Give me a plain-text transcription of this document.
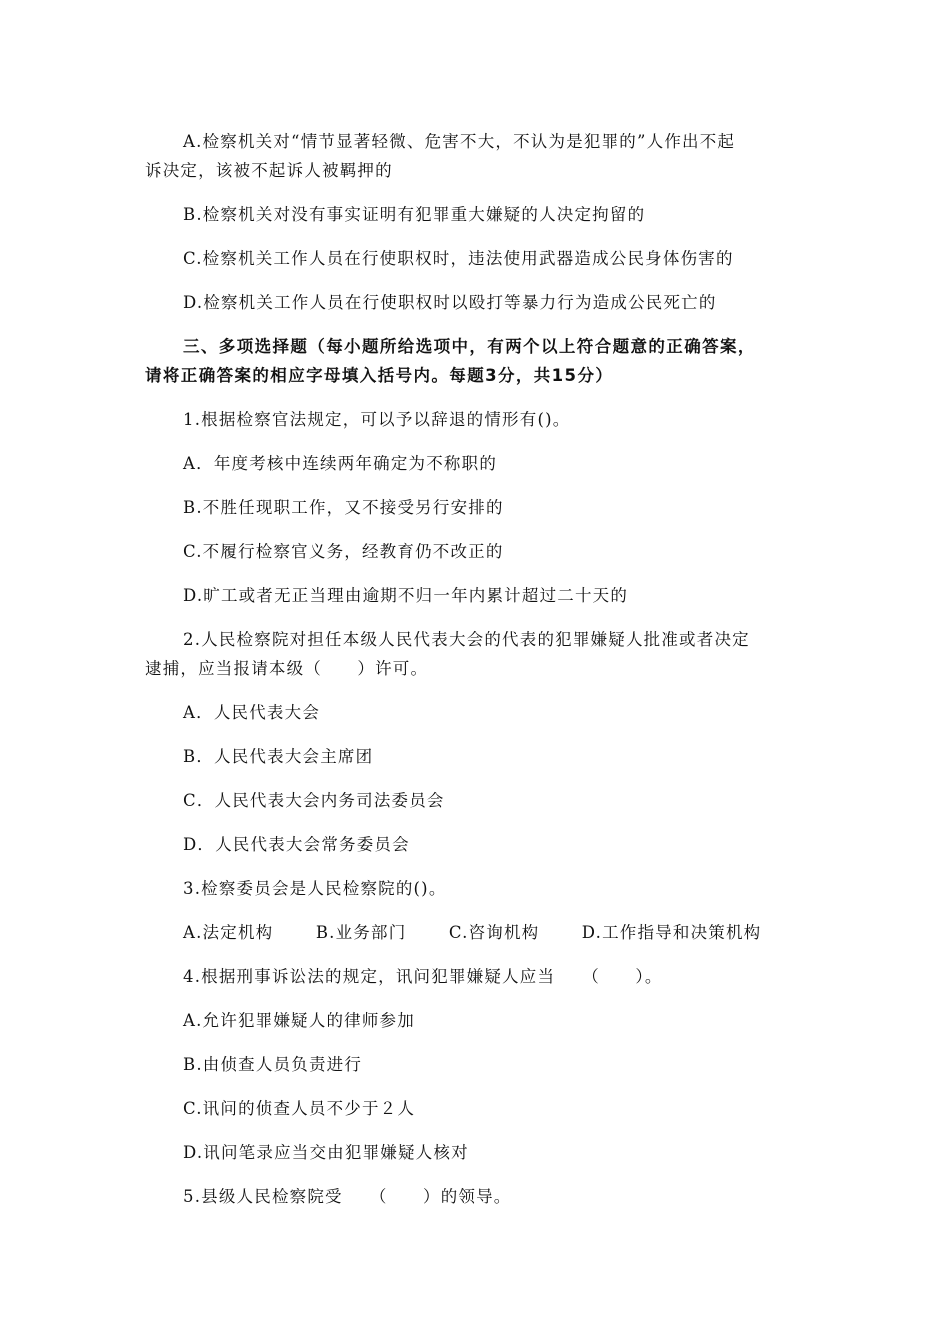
A.检察机关对“情节显著轻微、危害不大，不认为是犯罪的”人作出不起
诉决定，该被不起诉人被羁押的
B.检察机关对没有事实证明有犯罪重大嫌疑的人决定拘留的
C.检察机关工作人员在行使职权时，违法使用武器造成公民身体伤害的
D.检察机关工作人员在行使职权时以殴打等暴力行为造成公民死亡的
三、多项选择题（每小题所给选项中，有两个以上符合题意的正确答案，
请将正确答案的相应字母填入括号内。每题3分，共15分）
1.根据检察官法规定，可以予以辞退的情形有()。
A．年度考核中连续两年确定为不称职的
B.不胜任现职工作，又不接受另行安排的
C.不履行检察官义务，经教育仍不改正的
D.旷工或者无正当理由逾期不归一年内累计超过二十天的
2.人民检察院对担任本级人民代表大会的代表的犯罪嫌疑人批准或者决定
逮捕，应当报请本级（　　）许可。
A．人民代表大会
B．人民代表大会主席团
C．人民代表大会内务司法委员会
D．人民代表大会常务委员会
3.检察委员会是人民检察院的()。
A.法定机构	B.业务部门	C.咨询机构	D.工作指导和决策机构
4.根据刑事诉讼法的规定，讯问犯罪嫌疑人应当　　（　　）。
A.允许犯罪嫌疑人的律师参加
B.由侦查人员负责进行
C.讯问的侦查人员不少于２人
D.讯问笔录应当交由犯罪嫌疑人核对
5.县级人民检察院受　　（　　）的领导。
